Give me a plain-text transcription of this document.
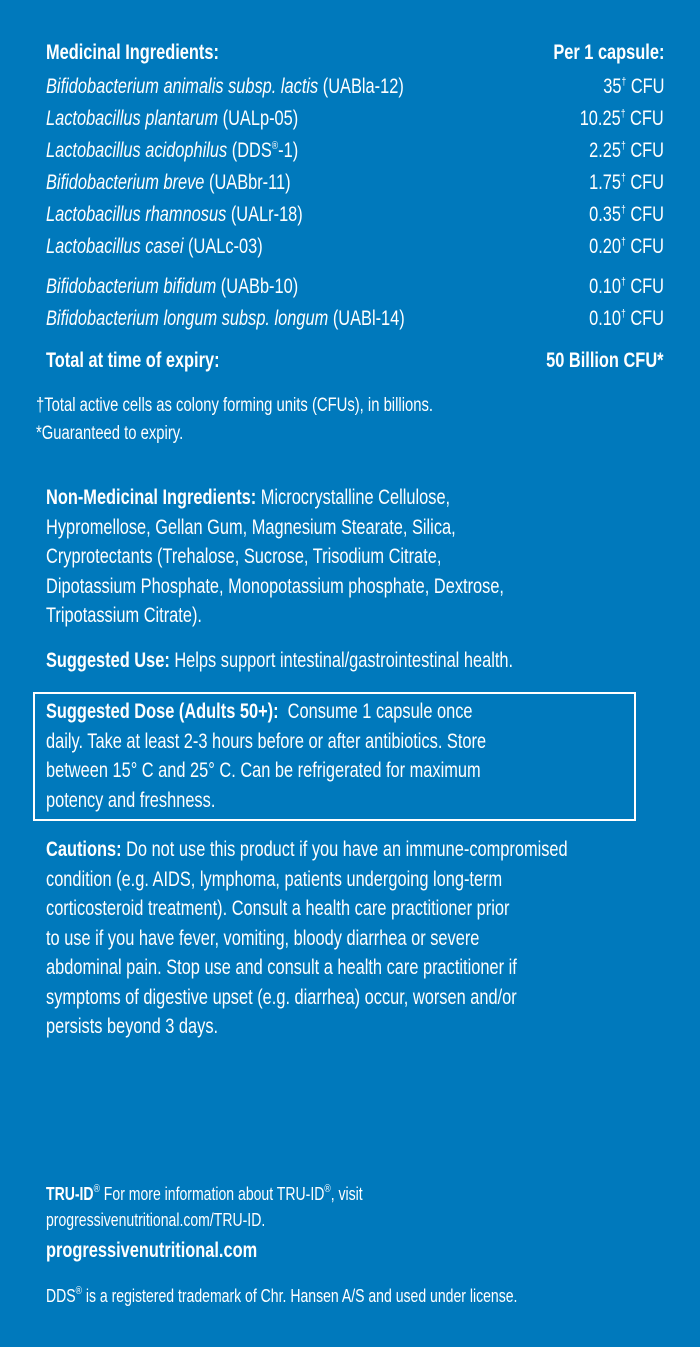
Medicinal Ingredients:	Per 1 capsule:
Bifidobacterium animalis subsp. lactis (UABla-12)	35† CFU
Lactobacillus plantarum (UALp-05)	10.25† CFU
Lactobacillus acidophilus (DDS®-1)	2.25† CFU
Bifidobacterium breve (UABbr-11)	1.75† CFU
Lactobacillus rhamnosus (UALr-18)	0.35† CFU
Lactobacillus casei (UALc-03)	0.20† CFU
Bifidobacterium bifidum (UABb-10)	0.10† CFU
Bifidobacterium longum subsp. longum (UABl-14)	0.10† CFU
Total at time of expiry:	50 Billion CFU*
†Total active cells as colony forming units (CFUs), in billions.
*Guaranteed to expiry.
Non-Medicinal Ingredients: Microcrystalline Cellulose,
Hypromellose, Gellan Gum, Magnesium Stearate, Silica,
Cryprotectants (Trehalose, Sucrose, Trisodium Citrate,
Dipotassium Phosphate, Monopotassium phosphate, Dextrose,
Tripotassium Citrate).
Suggested Use: Helps support intestinal/gastrointestinal health.
Suggested Dose (Adults 50+):  Consume 1 capsule once
daily. Take at least 2-3 hours before or after antibiotics. Store
between 15° C and 25° C. Can be refrigerated for maximum
potency and freshness.
Cautions: Do not use this product if you have an immune-compromised
condition (e.g. AIDS, lymphoma, patients undergoing long-term
corticosteroid treatment). Consult a health care practitioner prior
to use if you have fever, vomiting, bloody diarrhea or severe
abdominal pain. Stop use and consult a health care practitioner if
symptoms of digestive upset (e.g. diarrhea) occur, worsen and/or
persists beyond 3 days.
TRU-ID® For more information about TRU-ID®, visit
progressivenutritional.com/TRU-ID.
progressivenutritional.com
DDS® is a registered trademark of Chr. Hansen A/S and used under license.
